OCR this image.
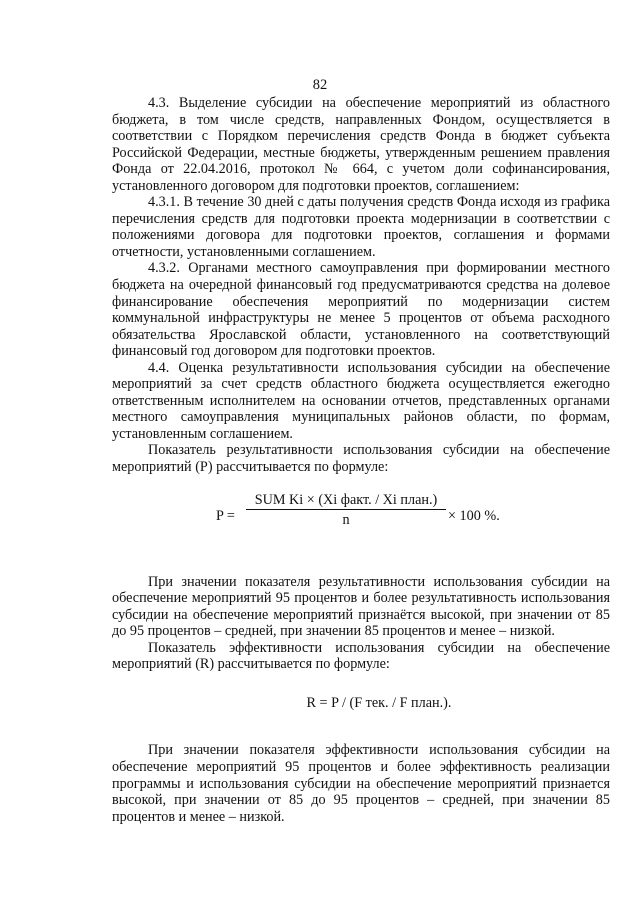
82

4.3. Выделение субсидии на обеспечение мероприятий из областного бюджета, в том числе средств, направленных Фондом, осуществляется в соответствии с Порядком перечисления средств Фонда в бюджет субъекта Российской Федерации, местные бюджеты, утвержденным решением правления Фонда от 22.04.2016, протокол № 664, с учетом доли софинансирования, установленного договором для подготовки проектов, соглашением:

4.3.1. В течение 30 дней с даты получения средств Фонда исходя из графика перечисления средств для подготовки проекта модернизации в соответствии с положениями договора для подготовки проектов, соглашения и формами отчетности, установленными соглашением.

4.3.2. Органами местного самоуправления при формировании местного бюджета на очередной финансовый год предусматриваются средства на долевое финансирование обеспечения мероприятий по модернизации систем коммунальной инфраструктуры не менее 5 процентов от объема расходного обязательства Ярославской области, установленного на соответствующий финансовый год договором для подготовки проектов.

4.4. Оценка результативности использования субсидии на обеспечение мероприятий за счет средств областного бюджета осуществляется ежегодно ответственным исполнителем на основании отчетов, представленных органами местного самоуправления муниципальных районов области, по формам, установленным соглашением.

Показатель результативности использования субсидии на обеспечение мероприятий (P) рассчитывается по формуле:

P =
SUM Ki × (Xi факт. / Xi план.)
n	× 100 %.

При значении показателя результативности использования субсидии на обеспечение мероприятий 95 процентов и более результативность использования субсидии на обеспечение мероприятий признаётся высокой, при значении от 85 до 95 процентов – средней, при значении 85 процентов и менее – низкой.

Показатель эффективности использования субсидии на обеспечение мероприятий (R) рассчитывается по формуле:

R = P / (F тек. / F план.).

При значении показателя эффективности использования субсидии на обеспечение мероприятий 95 процентов и более эффективность реализации программы и использования субсидии на обеспечение мероприятий признается высокой, при значении от 85 до 95 процентов – средней, при значении 85 процентов и менее – низкой.
